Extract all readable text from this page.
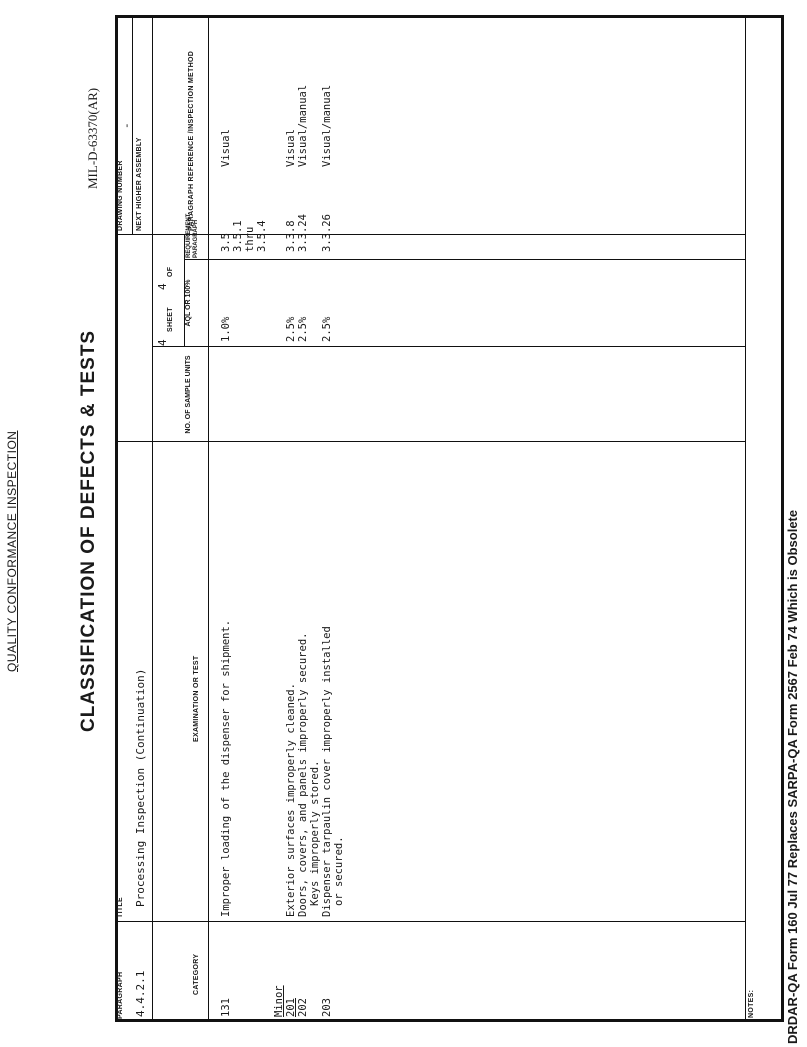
QUALITY CONFORMANCE INSPECTION	CLASSIFICATION OF DEFECTS & TESTS
MIL-D-63370(AR)
PARAGRAPH
TITLE
DRAWING NUMBER NEXT HIGHER ASSEMBLY
4.4.2.1
Processing Inspection (Continuation)
-
SHEET
4
OF
4
CATEGORY
EXAMINATION OR TEST
NO. OF SAMPLE UNITS
AQL OR 100%
REQUIREMENT PARAGRAPH
PARAGRAPH REFERENCE /INSPECTION METHOD
131
Improper loading of the dispenser for shipment.
1.0%
3.5 3.5.1 thru 3.5.4
Visual
Minor 201
Exterior surfaces improperly cleaned.
2.5%
3.3.8
Visual
202
Doors, covers, and panels improperly secured. Keys improperly stored.
2.5%
3.3.24
Visual/manual
203
Dispenser tarpaulin cover improperly installed or secured.
2.5%
3.3.26
Visual/manual
NOTES: DRDAR-QA Form 160 Jul 77 Replaces SARPA-QA Form 2567 Feb 74 Which is Obsolete
